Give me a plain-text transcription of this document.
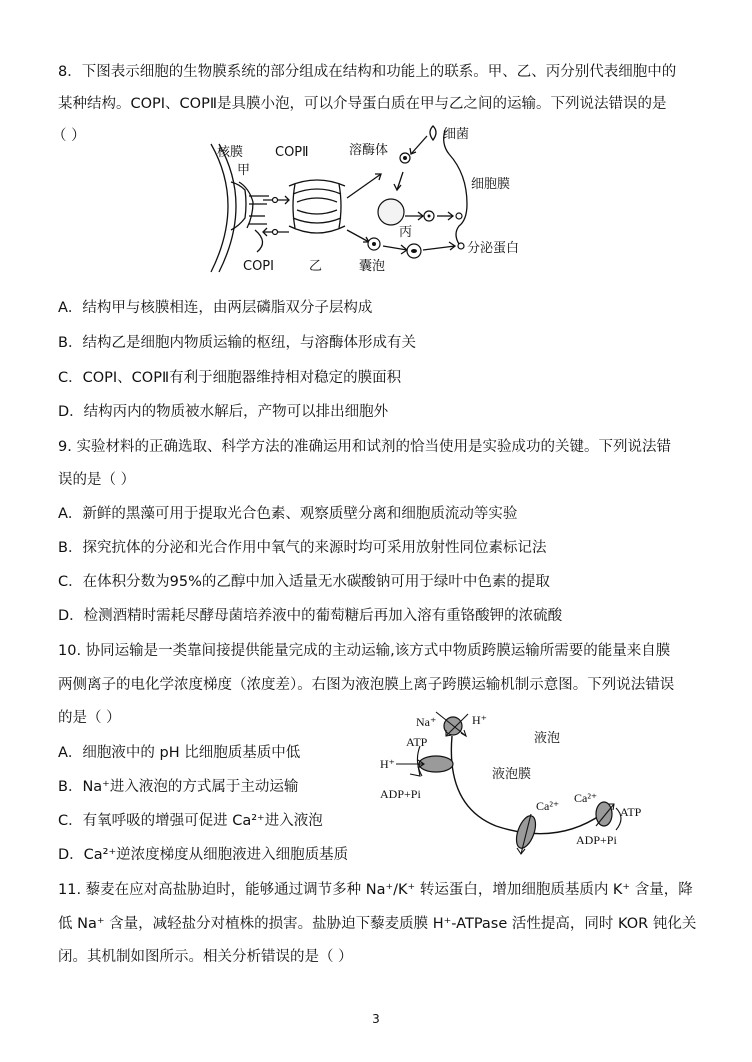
8．下图表示细胞的生物膜系统的部分组成在结构和功能上的联系。甲、乙、丙分别代表细胞中的
某种结构。COPⅠ、COPⅡ是具膜小泡，可以介导蛋白质在甲与乙之间的运输。下列说法错误的是
（ ）
核膜
甲
COPⅡ
COPⅠ	乙
溶酶体
丙
囊泡
细菌
细胞膜
分泌蛋白
A．结构甲与核膜相连，由两层磷脂双分子层构成
B．结构乙是细胞内物质运输的枢纽，与溶酶体形成有关
C．COPⅠ、COPⅡ有利于细胞器维持相对稳定的膜面积
D．结构丙内的物质被水解后，产物可以排出细胞外
9. 实验材料的正确选取、科学方法的准确运用和试剂的恰当使用是实验成功的关键。下列说法错
误的是（ ）
A．新鲜的黑藻可用于提取光合色素、观察质壁分离和细胞质流动等实验
B．探究抗体的分泌和光合作用中氧气的来源时均可采用放射性同位素标记法
C．在体积分数为95%的乙醇中加入适量无水碳酸钠可用于绿叶中色素的提取
D．检测酒精时需耗尽酵母菌培养液中的葡萄糖后再加入溶有重铬酸钾的浓硫酸
10. 协同运输是一类靠间接提供能量完成的主动运输,该方式中物质跨膜运输所需要的能量来自膜
两侧离子的电化学浓度梯度（浓度差）。右图为液泡膜上离子跨膜运输机制示意图。下列说法错误
的是（ ）
A．细胞液中的 pH 比细胞质基质中低
B．Na⁺进入液泡的方式属于主动运输
C．有氧呼吸的增强可促进 Ca²⁺进入液泡
D．Ca²⁺逆浓度梯度从细胞液进入细胞质基质
Na⁺	H⁺
ATP
H⁺
ADP+Pi
Ca²⁺
Ca²⁺
ATP
ADP+Pi
液泡
液泡膜
11. 藜麦在应对高盐胁迫时，能够通过调节多种 Na⁺/K⁺ 转运蛋白，增加细胞质基质内 K⁺ 含量，降
低 Na⁺ 含量，减轻盐分对植株的损害。盐胁迫下藜麦质膜 H⁺-ATPase 活性提高，同时 KOR 钝化关
闭。其机制如图所示。相关分析错误的是（ ）
3
